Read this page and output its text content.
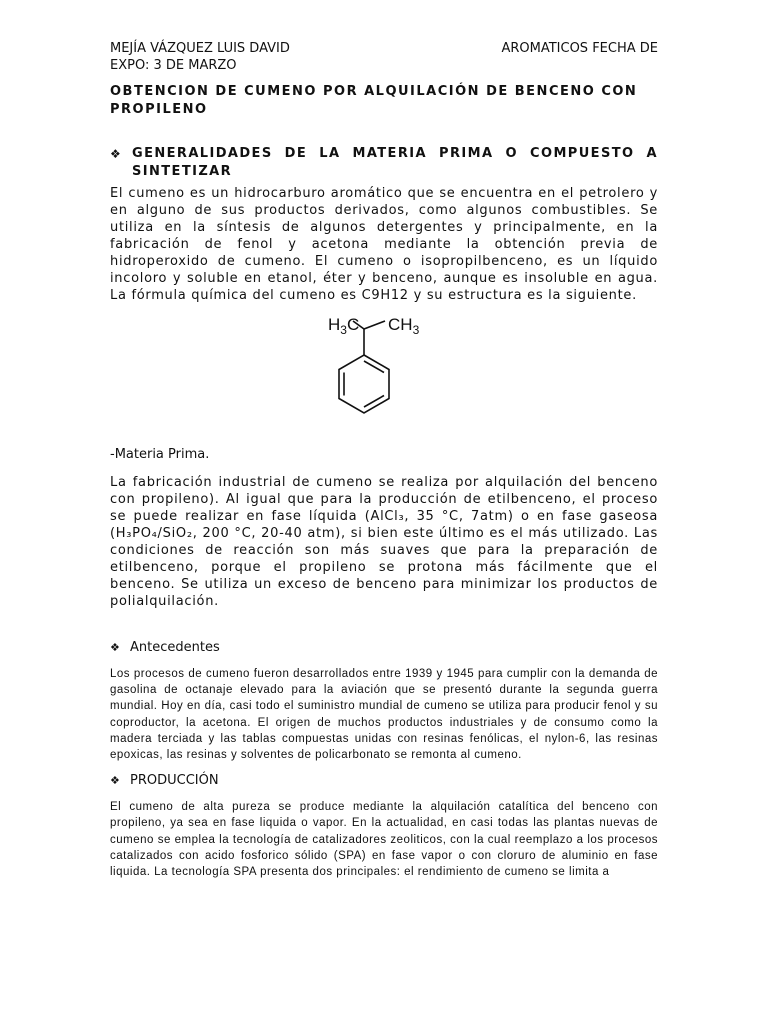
MEJÍA VÁZQUEZ LUIS DAVID	AROMATICOS FECHA DE
EXPO: 3 DE MARZO
OBTENCION DE CUMENO POR ALQUILACIÓN DE BENCENO CON PROPILENO
❖ GENERALIDADES DE LA MATERIA PRIMA O COMPUESTO A SINTETIZAR

El cumeno es un hidrocarburo aromático que se encuentra en el petrolero y en alguno de sus productos derivados, como algunos combustibles. Se utiliza en la síntesis de algunos detergentes y principalmente, en la fabricación de fenol y acetona mediante la obtención previa de hidroperoxido de cumeno. El cumeno o isopropilbenceno, es un líquido incoloro y soluble en etanol, éter y benceno, aunque es insoluble en agua. La fórmula química del cumeno es C9H12 y su estructura es la siguiente.

$H_3C$ $CH_3$
-Materia Prima.

La fabricación industrial de cumeno se realiza por alquilación del benceno con propileno). Al igual que para la producción de etilbenceno, el proceso se puede realizar en fase líquida (AlCl₃, 35 °C, 7atm) o en fase gaseosa (H₃PO₄/SiO₂, 200 °C, 20-40 atm), si bien este último es el más utilizado. Las condiciones de reacción son más suaves que para la preparación de etilbenceno, porque el propileno se protona más fácilmente que el benceno. Se utiliza un exceso de benceno para minimizar los productos de polialquilación.

❖ Antecedentes

Los procesos de cumeno fueron desarrollados entre 1939 y 1945 para cumplir con la demanda de gasolina de octanaje elevado para la aviación que se presentó durante la segunda guerra mundial. Hoy en día, casi todo el suministro mundial de cumeno se utiliza para producir fenol y su coproductor, la acetona. El origen de muchos productos industriales y de consumo como la madera terciada y las tablas compuestas unidas con resinas fenólicas, el nylon-6, las resinas epoxicas, las resinas y solventes de policarbonato se remonta al cumeno.

❖ PRODUCCIÓN

El cumeno de alta pureza se produce mediante la alquilación catalítica del benceno con propileno, ya sea en fase liquida o vapor. En la actualidad, en casi todas las plantas nuevas de cumeno se emplea la tecnología de catalizadores zeoliticos, con la cual reemplazo a los procesos catalizados con acido fosforico sólido (SPA) en fase vapor o con cloruro de aluminio en fase liquida. La tecnología SPA presenta dos principales: el rendimiento de cumeno se limita a
